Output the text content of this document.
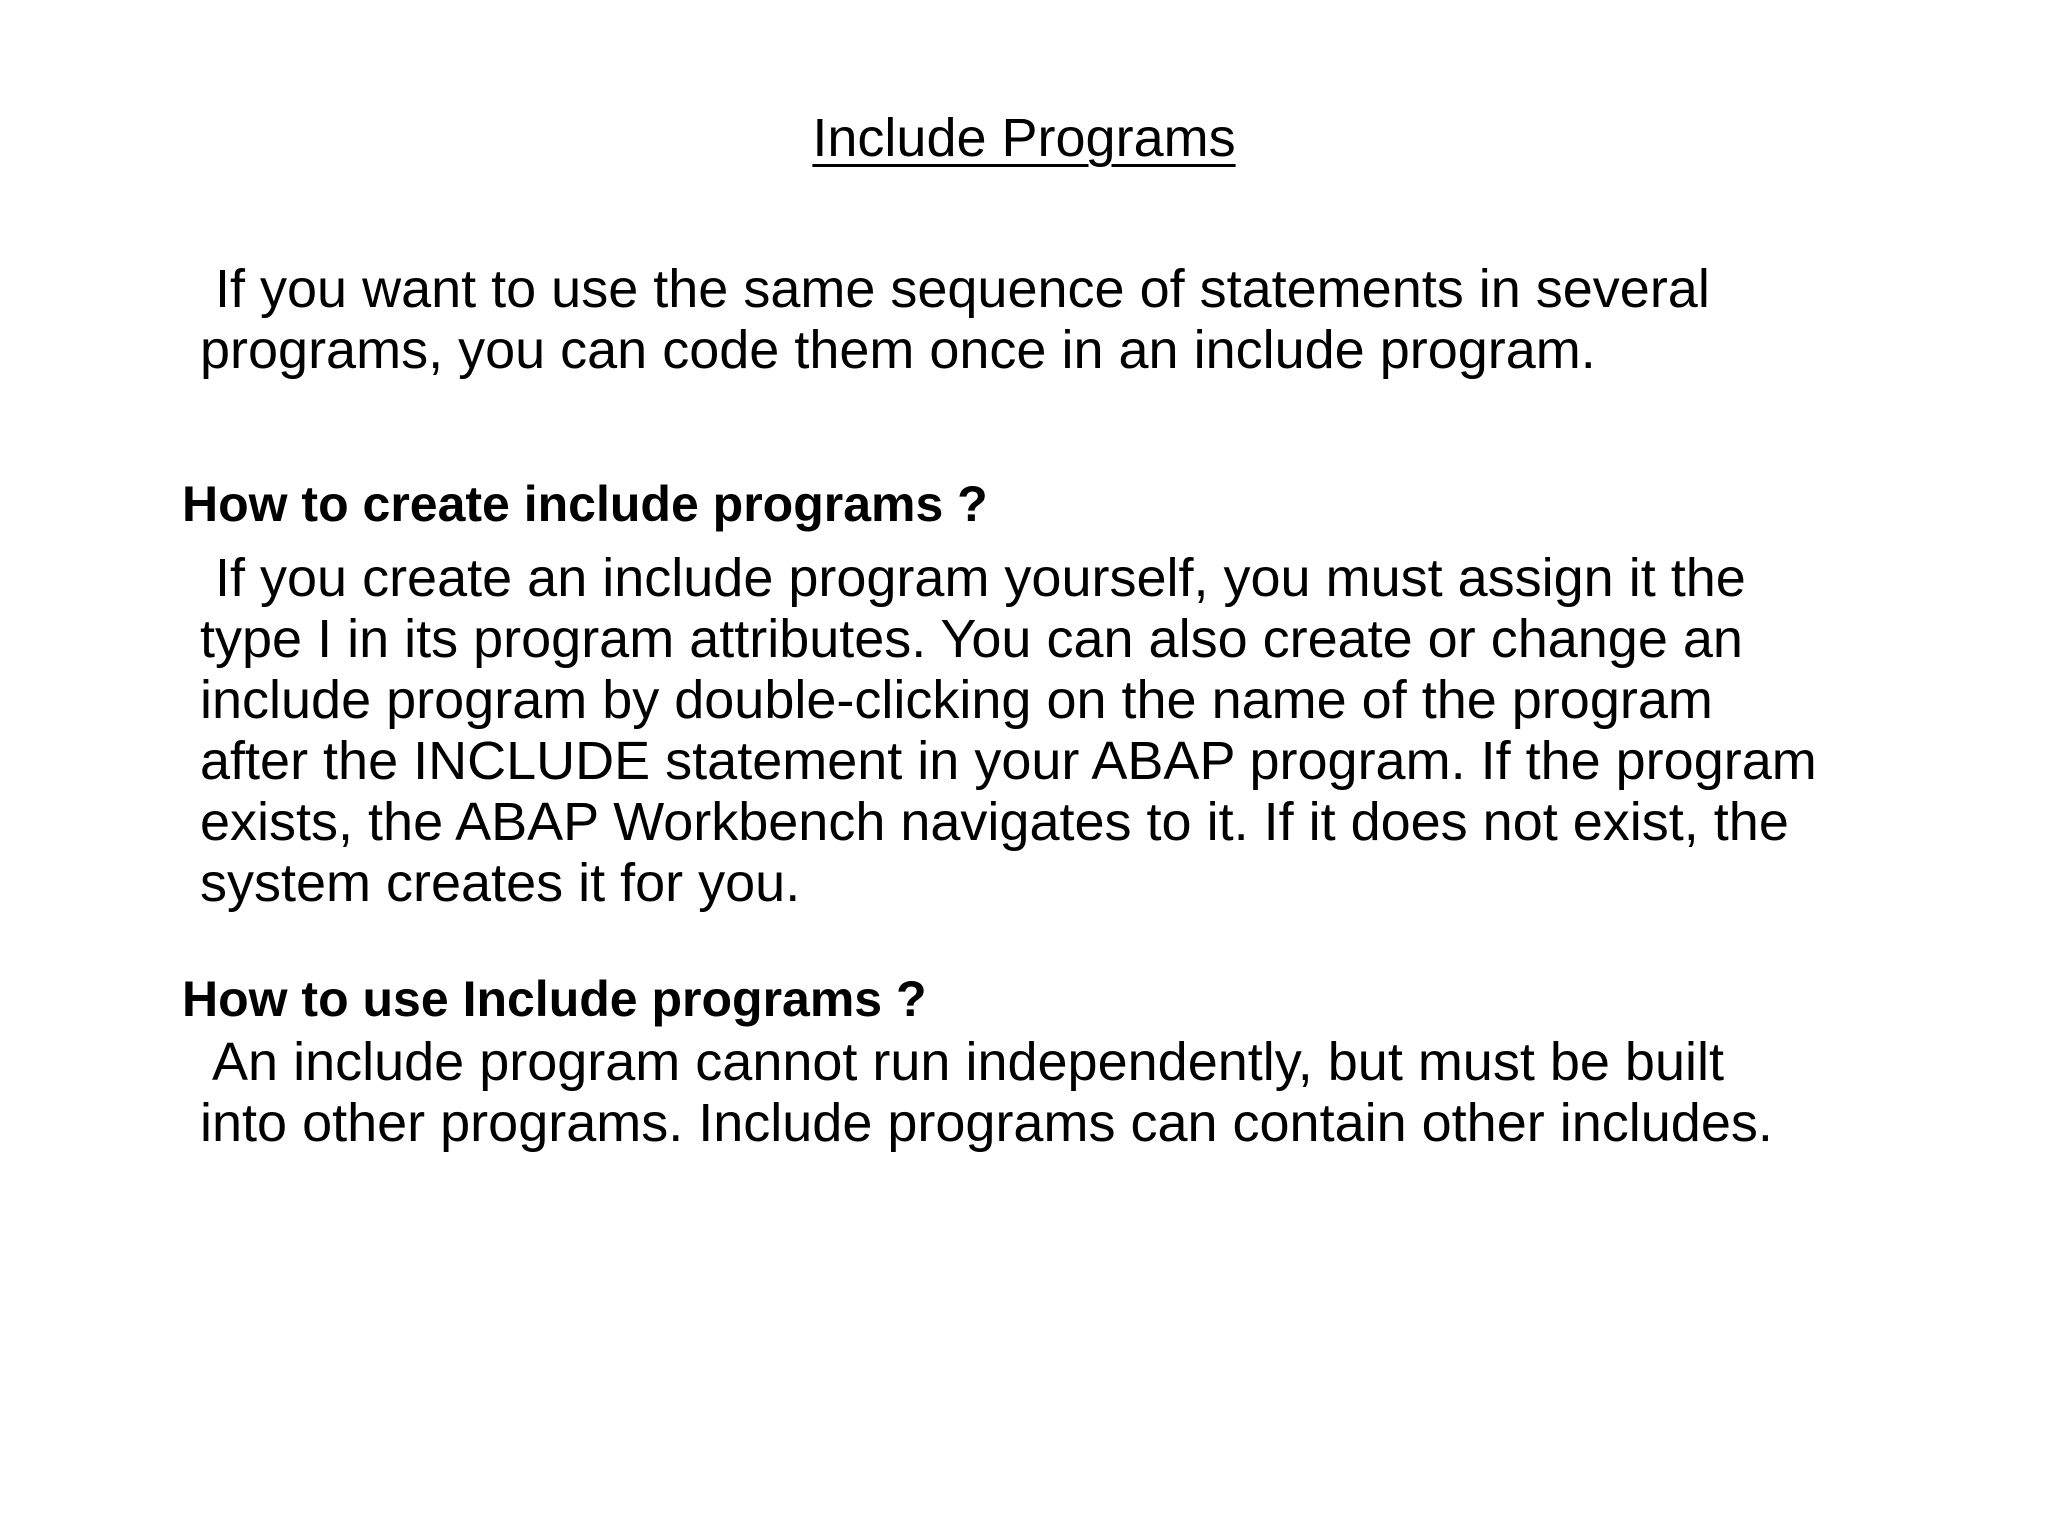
Include Programs
If you want to use the same sequence of statements in several
programs, you can code them once in an include program.
How to create include programs ?
If you create an include program yourself, you must assign it the
type I in its program attributes. You can also create or change an
include program by double-clicking on the name of the program
after the INCLUDE statement in your ABAP program. If the program
exists, the ABAP Workbench navigates to it. If it does not exist, the
system creates it for you.
How to use Include programs ?
An include program cannot run independently, but must be built
into other programs. Include programs can contain other includes.
